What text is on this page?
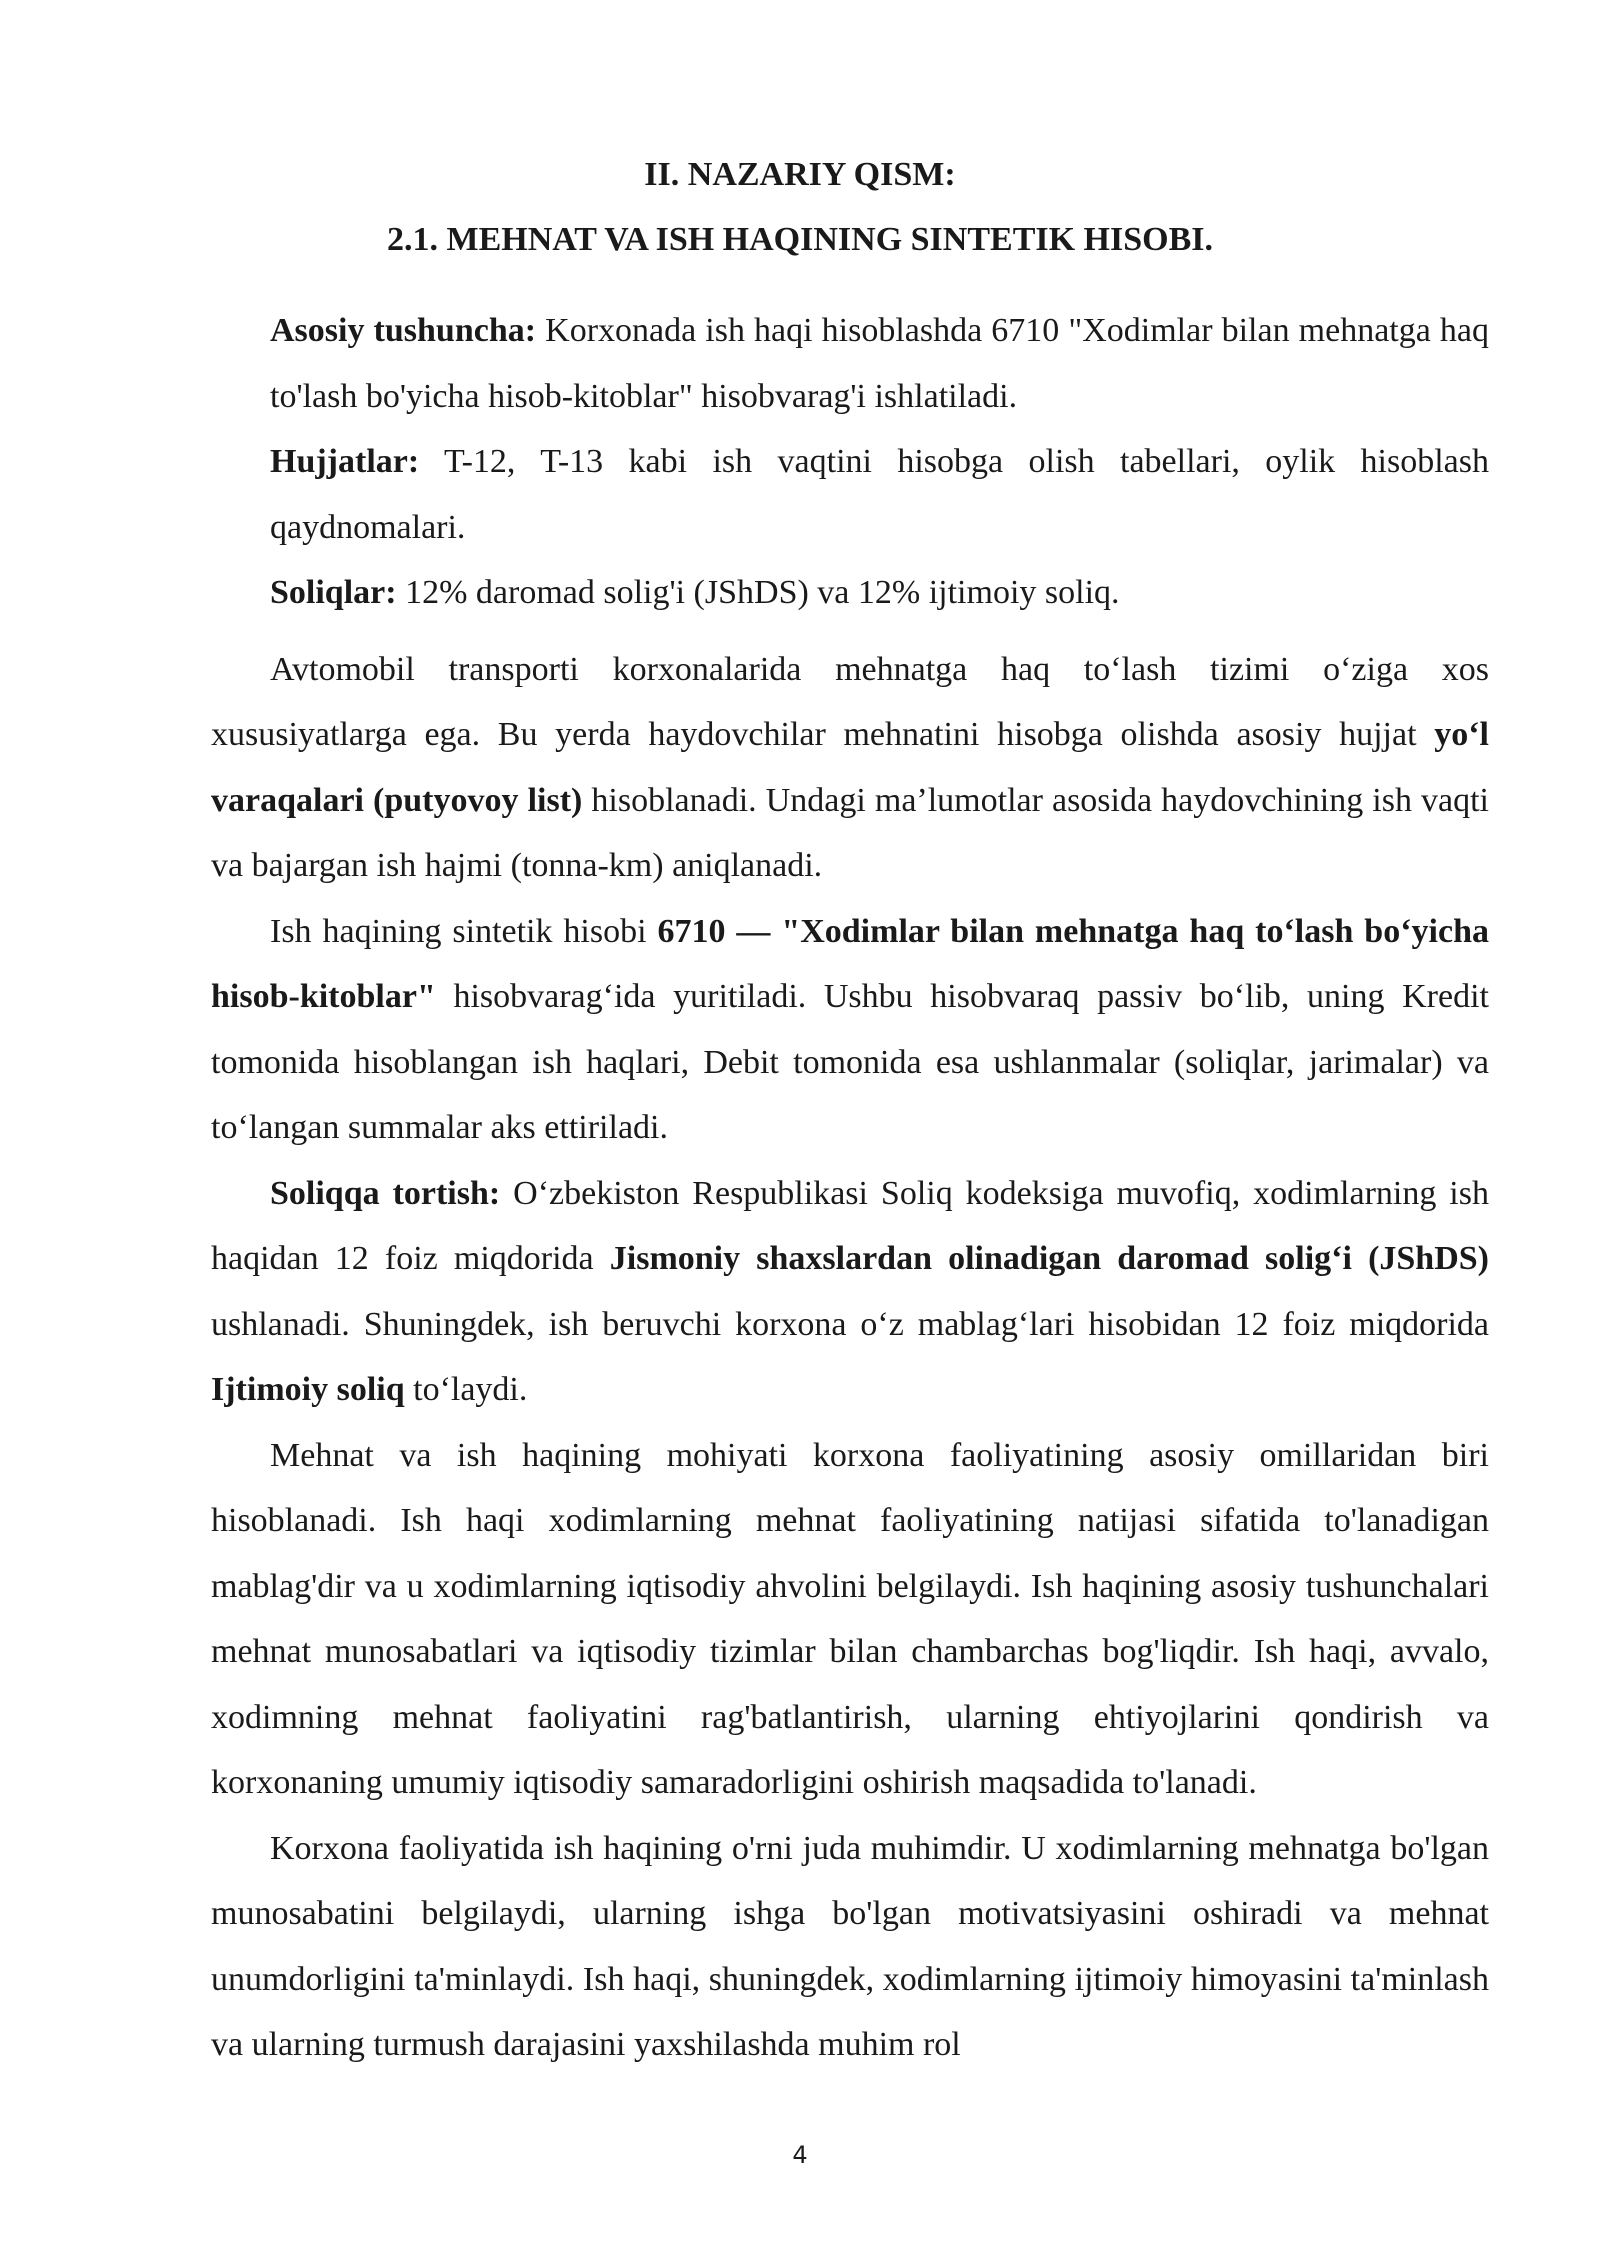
II. NAZARIY QISM:
2.1. MEHNAT VA ISH HAQINING SINTETIK HISOBI.

Asosiy tushuncha: Korxonada ish haqi hisoblashda 6710 "Xodimlar bilan mehnatga haq to'lash bo'yicha hisob-kitoblar" hisobvarag'i ishlatiladi.

Hujjatlar: T-12, T-13 kabi ish vaqtini hisobga olish tabellari, oylik hisoblash qaydnomalari.

Soliqlar: 12% daromad solig'i (JShDS) va 12% ijtimoiy soliq.

Avtomobil transporti korxonalarida mehnatga haq to‘lash tizimi o‘ziga xos xususiyatlarga ega. Bu yerda haydovchilar mehnatini hisobga olishda asosiy hujjat yo‘l varaqalari (putyovoy list) hisoblanadi. Undagi ma’lumotlar asosida haydovchining ish vaqti va bajargan ish hajmi (tonna-km) aniqlanadi.

Ish haqining sintetik hisobi 6710 — "Xodimlar bilan mehnatga haq to‘lash bo‘yicha hisob-kitoblar" hisobvarag‘ida yuritiladi. Ushbu hisobvaraq passiv bo‘lib, uning Kredit tomonida hisoblangan ish haqlari, Debit tomonida esa ushlanmalar (soliqlar, jarimalar) va to‘langan summalar aks ettiriladi.

Soliqqa tortish: O‘zbekiston Respublikasi Soliq kodeksiga muvofiq, xodimlarning ish haqidan 12 foiz miqdorida Jismoniy shaxslardan olinadigan daromad solig‘i (JShDS) ushlanadi. Shuningdek, ish beruvchi korxona o‘z mablag‘lari hisobidan 12 foiz miqdorida Ijtimoiy soliq to‘laydi.

Mehnat va ish haqining mohiyati korxona faoliyatining asosiy omillaridan biri hisoblanadi. Ish haqi xodimlarning mehnat faoliyatining natijasi sifatida to'lanadigan mablag'dir va u xodimlarning iqtisodiy ahvolini belgilaydi. Ish haqining asosiy tushunchalari mehnat munosabatlari va iqtisodiy tizimlar bilan chambarchas bog'liqdir. Ish haqi, avvalo, xodimning mehnat faoliyatini rag'batlantirish, ularning ehtiyojlarini qondirish va korxonaning umumiy iqtisodiy samaradorligini oshirish maqsadida to'lanadi.

Korxona faoliyatida ish haqining o'rni juda muhimdir. U xodimlarning mehnatga bo'lgan munosabatini belgilaydi, ularning ishga bo'lgan motivatsiyasini oshiradi va mehnat unumdorligini ta'minlaydi. Ish haqi, shuningdek, xodimlarning ijtimoiy himoyasini ta'minlash va ularning turmush darajasini yaxshilashda muhim rol

4
